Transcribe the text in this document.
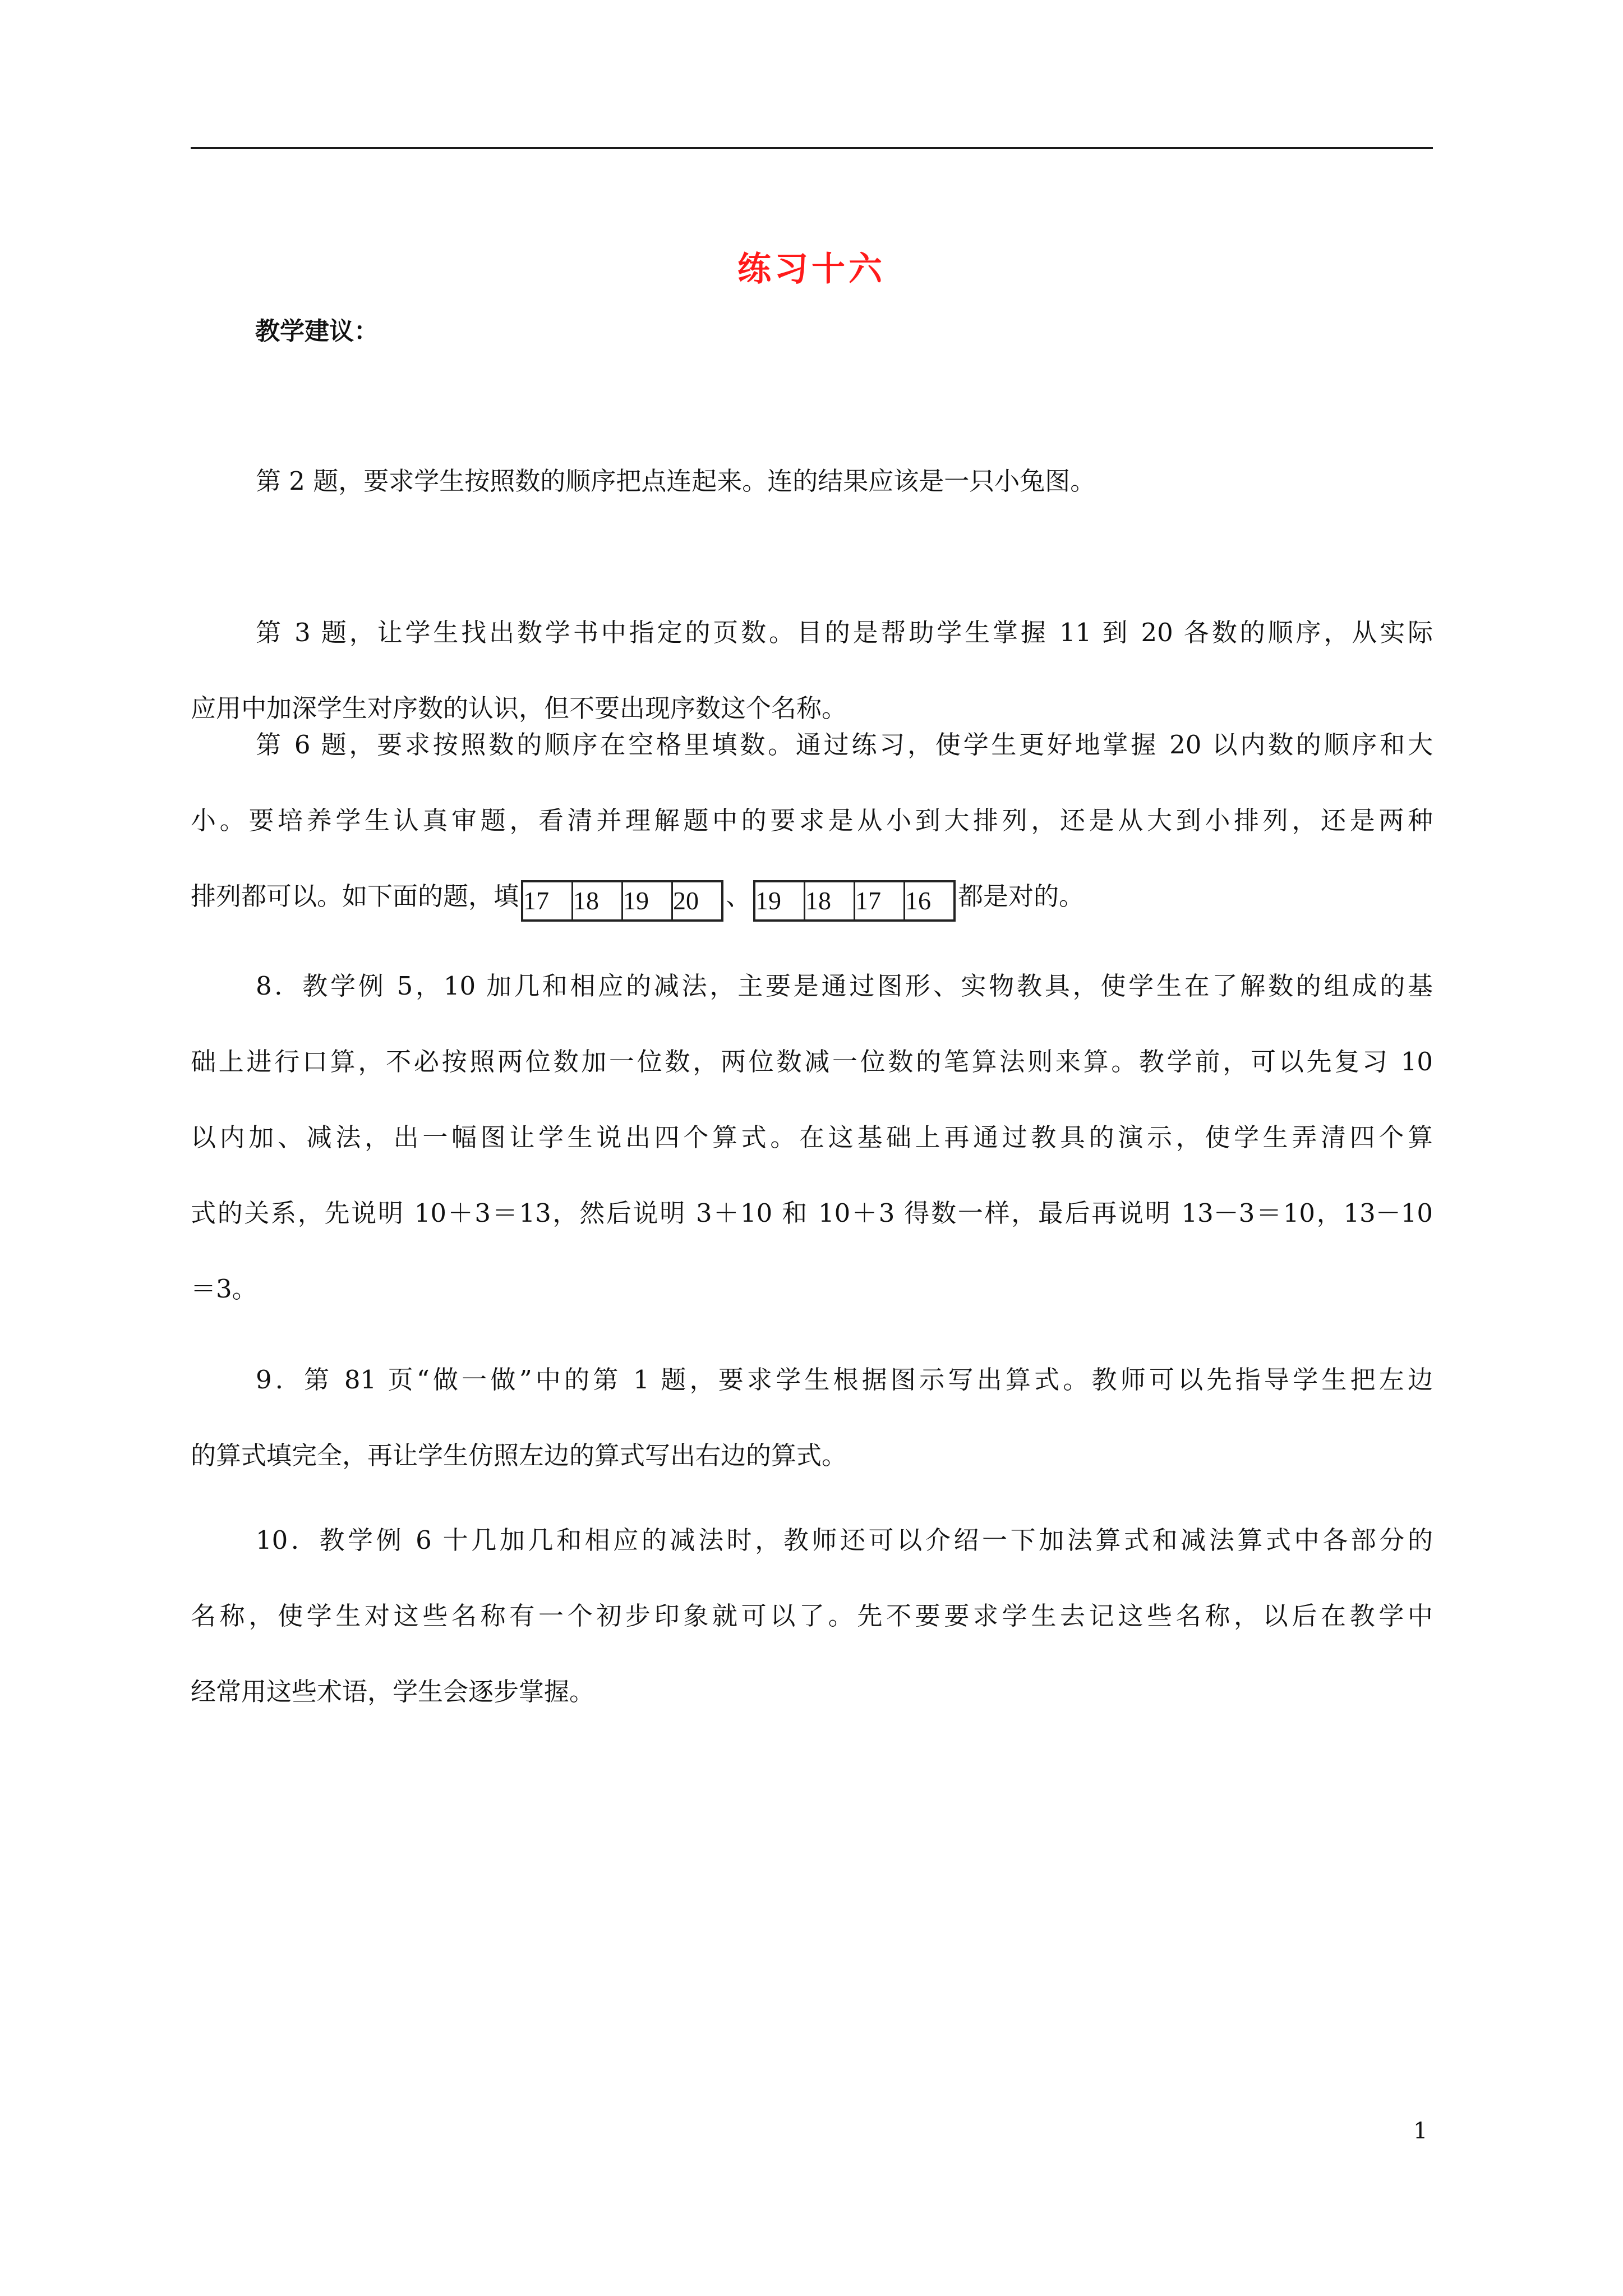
练习十六
教学建议：

第 2 题，要求学生按照数的顺序把点连起来。连的结果应该是一只小兔图。

第 3 题，让学生找出数学书中指定的页数。目的是帮助学生掌握 11 到 20 各数的顺序，从实际
应用中加深学生对序数的认识，但不要出现序数这个名称。

第 6 题，要求按照数的顺序在空格里填数。通过练习，使学生更好地掌握 20 以内数的顺序和大
小。要培养学生认真审题，看清并理解题中的要求是从小到大排列，还是从大到小排列，还是两种
排列都可以。如下面的题，填 17 18 19 20	、 19 18 17 16	都是对的。

8．教学例 5，10 加几和相应的减法，主要是通过图形、实物教具，使学生在了解数的组成的基
础上进行口算，不必按照两位数加一位数，两位数减一位数的笔算法则来算。教学前，可以先复习 10
以内加、减法，出一幅图让学生说出四个算式。在这基础上再通过教具的演示，使学生弄清四个算
式的关系，先说明 10＋3＝13，然后说明 3＋10 和 10＋3 得数一样，最后再说明 13－3＝10，13－10
＝3。

9．第 81 页“做一做”中的第 1 题，要求学生根据图示写出算式。教师可以先指导学生把左边
的算式填完全，再让学生仿照左边的算式写出右边的算式。

10．教学例 6 十几加几和相应的减法时，教师还可以介绍一下加法算式和减法算式中各部分的
名称，使学生对这些名称有一个初步印象就可以了。先不要要求学生去记这些名称，以后在教学中
经常用这些术语，学生会逐步掌握。

1
